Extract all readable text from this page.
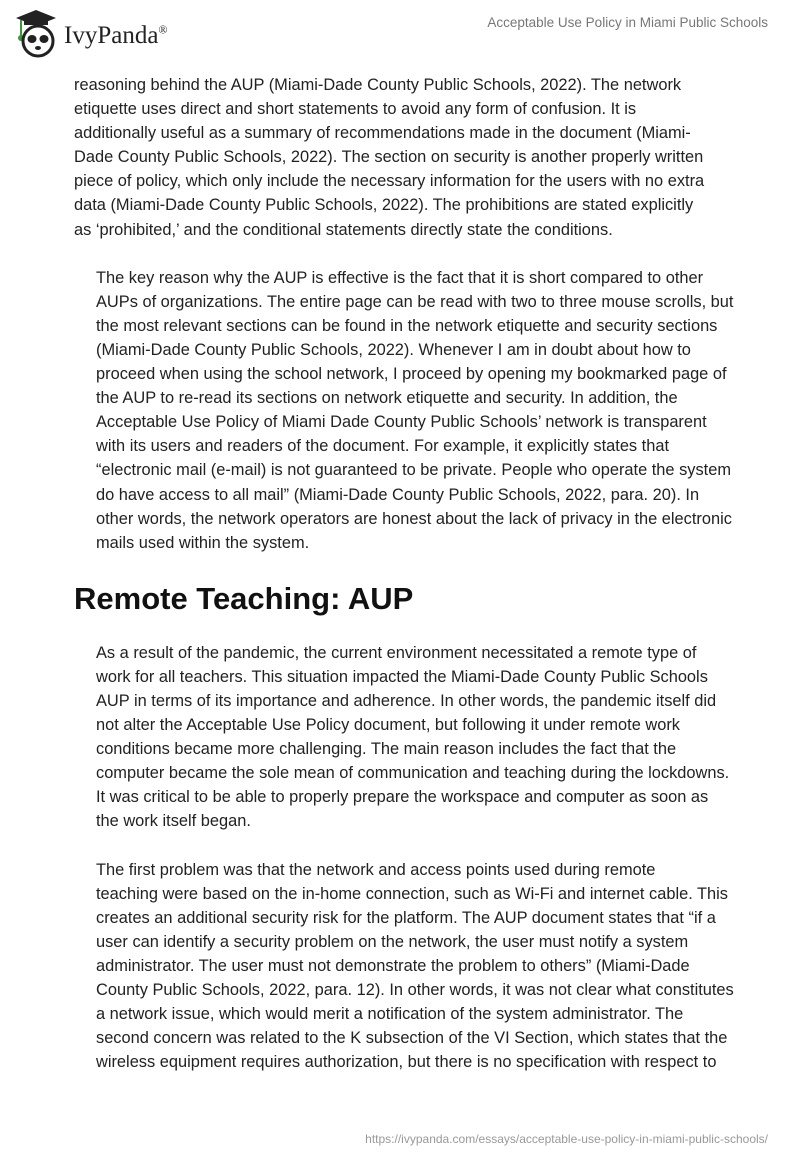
IvyPanda®	Acceptable Use Policy in Miami Public Schools

reasoning behind the AUP (Miami-Dade County Public Schools, 2022). The network
etiquette uses direct and short statements to avoid any form of confusion. It is
additionally useful as a summary of recommendations made in the document (Miami-
Dade County Public Schools, 2022). The section on security is another properly written
piece of policy, which only include the necessary information for the users with no extra
data (Miami-Dade County Public Schools, 2022). The prohibitions are stated explicitly
as ‘prohibited,’ and the conditional statements directly state the conditions.

The key reason why the AUP is effective is the fact that it is short compared to other
AUPs of organizations. The entire page can be read with two to three mouse scrolls, but
the most relevant sections can be found in the network etiquette and security sections
(Miami-Dade County Public Schools, 2022). Whenever I am in doubt about how to
proceed when using the school network, I proceed by opening my bookmarked page of
the AUP to re-read its sections on network etiquette and security. In addition, the
Acceptable Use Policy of Miami Dade County Public Schools’ network is transparent
with its users and readers of the document. For example, it explicitly states that
“electronic mail (e-mail) is not guaranteed to be private. People who operate the system
do have access to all mail” (Miami-Dade County Public Schools, 2022, para. 20). In
other words, the network operators are honest about the lack of privacy in the electronic
mails used within the system.

Remote Teaching: AUP

As a result of the pandemic, the current environment necessitated a remote type of
work for all teachers. This situation impacted the Miami-Dade County Public Schools
AUP in terms of its importance and adherence. In other words, the pandemic itself did
not alter the Acceptable Use Policy document, but following it under remote work
conditions became more challenging. The main reason includes the fact that the
computer became the sole mean of communication and teaching during the lockdowns.
It was critical to be able to properly prepare the workspace and computer as soon as
the work itself began.

The first problem was that the network and access points used during remote
teaching were based on the in-home connection, such as Wi-Fi and internet cable. This
creates an additional security risk for the platform. The AUP document states that “if a
user can identify a security problem on the network, the user must notify a system
administrator. The user must not demonstrate the problem to others” (Miami-Dade
County Public Schools, 2022, para. 12). In other words, it was not clear what constitutes
a network issue, which would merit a notification of the system administrator. The
second concern was related to the K subsection of the VI Section, which states that the
wireless equipment requires authorization, but there is no specification with respect to

https://ivypanda.com/essays/acceptable-use-policy-in-miami-public-schools/
